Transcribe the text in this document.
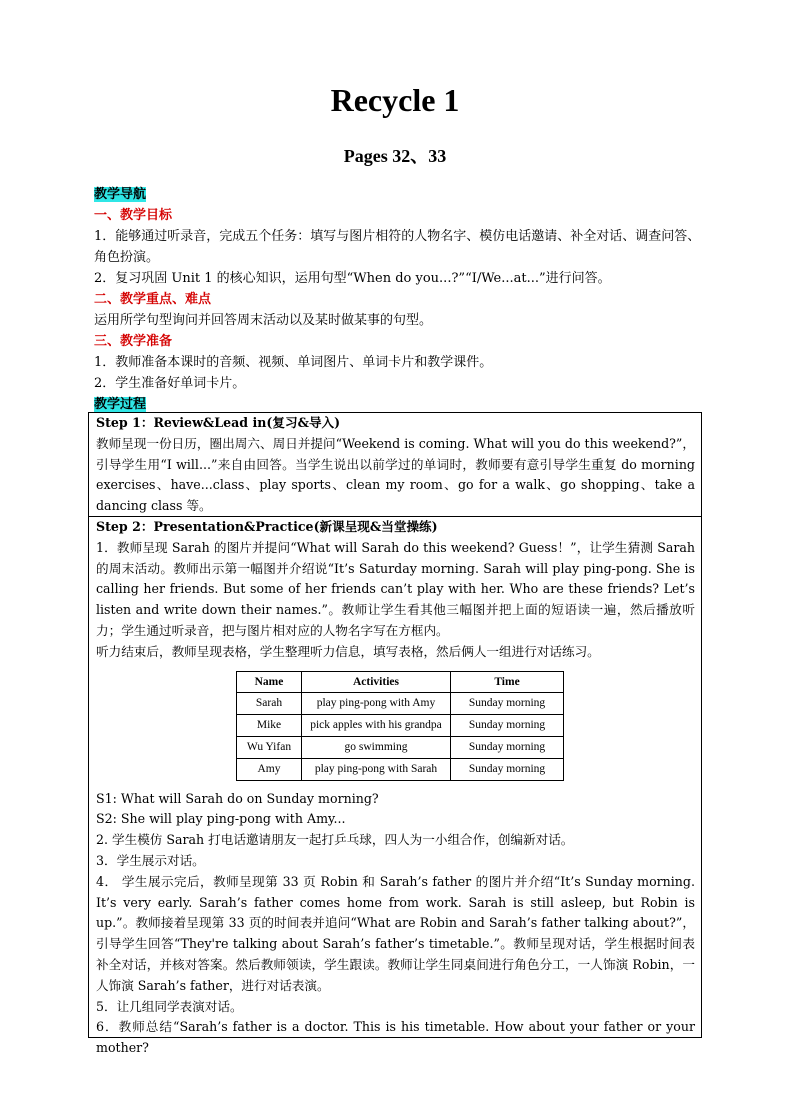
Recycle 1
Pages 32、33

教学导航

一、教学目标

1．能够通过听录音，完成五个任务：填写与图片相符的人物名字、模仿电话邀请、补全对话、调查问答、角色扮演。

2．复习巩固 Unit 1 的核心知识，运用句型“When do you...?”“I/We...at...”进行问答。

二、教学重点、难点

运用所学句型询问并回答周末活动以及某时做某事的句型。

三、教学准备

1．教师准备本课时的音频、视频、单词图片、单词卡片和教学课件。

2．学生准备好单词卡片。

教学过程

Step 1：Review&Lead in(复习&导入)

教师呈现一份日历，圈出周六、周日并提问“Weekend is coming. What will you do this weekend?”，引导学生用“I will...”来自由回答。当学生说出以前学过的单词时，教师要有意引导学生重复 do morning exercises、have...class、play sports、clean my room、go for a walk、go shopping、take a dancing class 等。

Step 2：Presentation&Practice(新课呈现&当堂操练)

1．教师呈现 Sarah 的图片并提问“What will Sarah do this weekend? Guess！”，让学生猜测 Sarah 的周末活动。教师出示第一幅图并介绍说“It’s Saturday morning. Sarah will play ping-pong. She is calling her friends. But some of her friends can’t play with her. Who are these friends? Let’s listen and write down their names.”。教师让学生看其他三幅图并把上面的短语读一遍，然后播放听力；学生通过听录音，把与图片相对应的人物名字写在方框内。

听力结束后，教师呈现表格，学生整理听力信息，填写表格，然后俩人一组进行对话练习。

Name	Activities	Time
Sarah	play ping-pong with Amy	Sunday morning
Mike	pick apples with his grandpa	Sunday morning
Wu Yifan	go swimming	Sunday morning
Amy	play ping-pong with Sarah	Sunday morning

S1: What will Sarah do on Sunday morning?

S2: She will play ping-pong with Amy...

2. 学生模仿 Sarah 打电话邀请朋友一起打乒乓球，四人为一小组合作，创编新对话。

3．学生展示对话。

4． 学生展示完后，教师呈现第 33 页 Robin 和 Sarah’s father 的图片并介绍“It’s Sunday morning. It’s very early. Sarah’s father comes home from work. Sarah is still asleep, but Robin is up.”。教师接着呈现第 33 页的时间表并追问“What are Robin and Sarah’s father talking about?”，引导学生回答“They're talking about Sarah’s father’s timetable.”。教师呈现对话，学生根据时间表补全对话，并核对答案。然后教师领读，学生跟读。教师让学生同桌间进行角色分工，一人饰演 Robin，一人饰演 Sarah’s father，进行对话表演。

5．让几组同学表演对话。

6．教师总结“Sarah’s father is a doctor. This is his timetable. How about your father or your mother?
